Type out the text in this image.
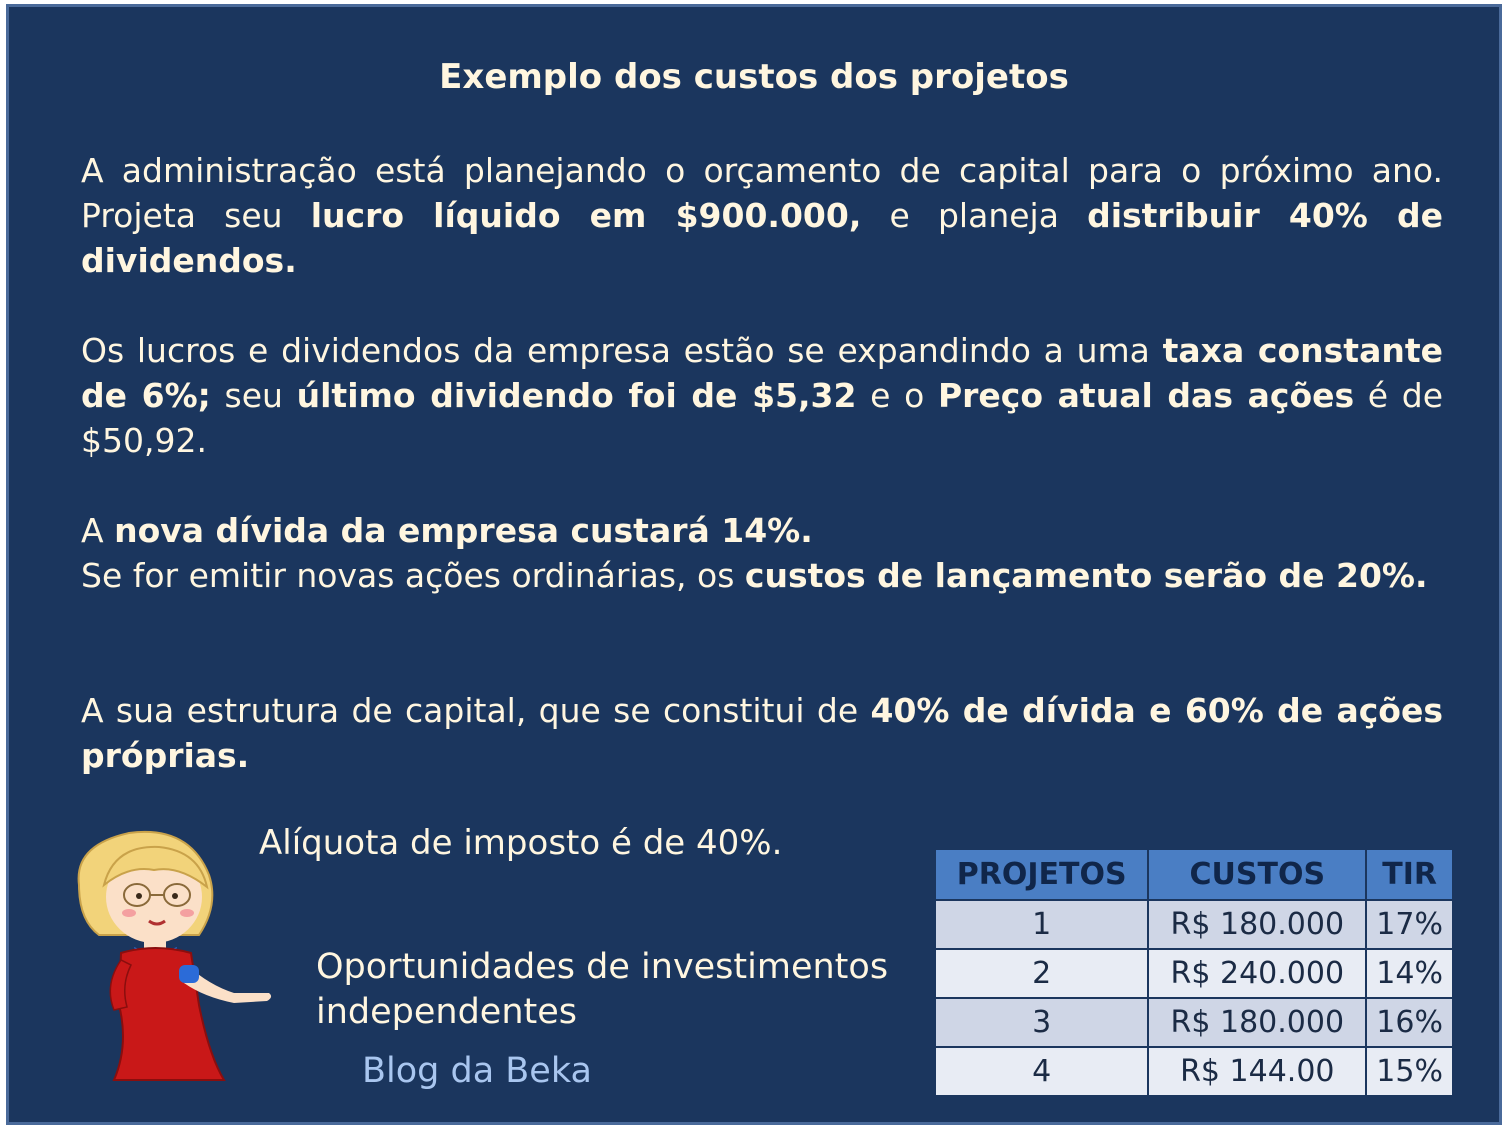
Exemplo dos custos dos projetos
A administração está planejando o orçamento de capital para o próximo ano. Projeta seu lucro líquido em $900.000, e planeja distribuir 40% de dividendos.
Os lucros e dividendos da empresa estão se expandindo a uma taxa constante de 6%; seu último dividendo foi de $5,32 e o Preço atual das ações é de $50,92.
A nova dívida da empresa custará 14%.
Se for emitir novas ações ordinárias, os custos de lançamento serão de 20%.
A sua estrutura de capital, que se constitui de 40% de dívida e 60% de ações próprias.
Alíquota de imposto é de 40%.
Oportunidades de investimentos independentes
Blog da Beka
PROJETOS	CUSTOS	TIR
1	R$ 180.000	17%
2	R$ 240.000	14%
3	R$ 180.000	16%
4	R$ 144.00	15%
